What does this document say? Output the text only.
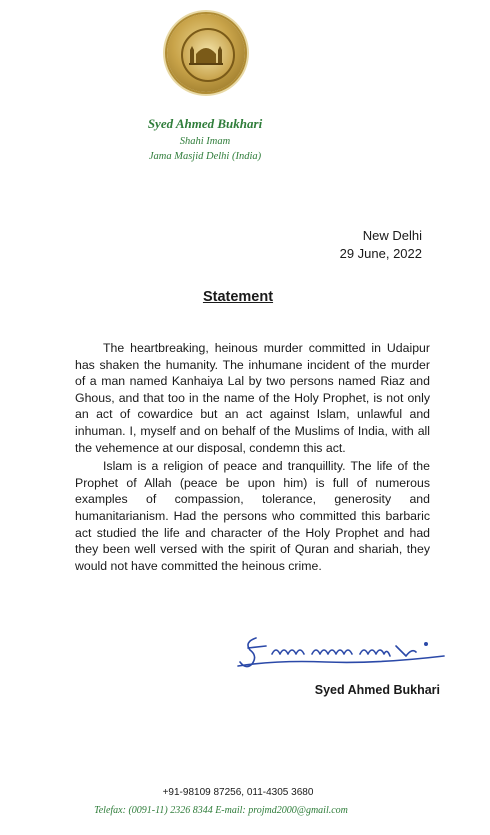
Syed Ahmed Bukhari
Shahi Imam
Jama Masjid Delhi (India)
New Delhi
29 June, 2022
Statement

The heartbreaking, heinous murder committed in Udaipur has shaken the humanity. The inhumane incident of the murder of a man named Kanhaiya Lal by two persons named Riaz and Ghous, and that too in the name of the Holy Prophet, is not only an act of cowardice but an act against Islam, unlawful and inhuman. I, myself and on behalf of the Muslims of India, with all the vehemence at our disposal, condemn this act.

Islam is a religion of peace and tranquillity. The life of the Prophet of Allah (peace be upon him) is full of numerous examples of compassion, tolerance, generosity and humanitarianism. Had the persons who committed this barbaric act studied the life and character of the Holy Prophet and had they been well versed with the spirit of Quran and shariah, they would not have committed the heinous crime.

Syed Ahmed Bukhari
+91-98109 87256, 011-4305 3680
Telefax: (0091-11) 2326 8344 E-mail: projmd2000@gmail.com
